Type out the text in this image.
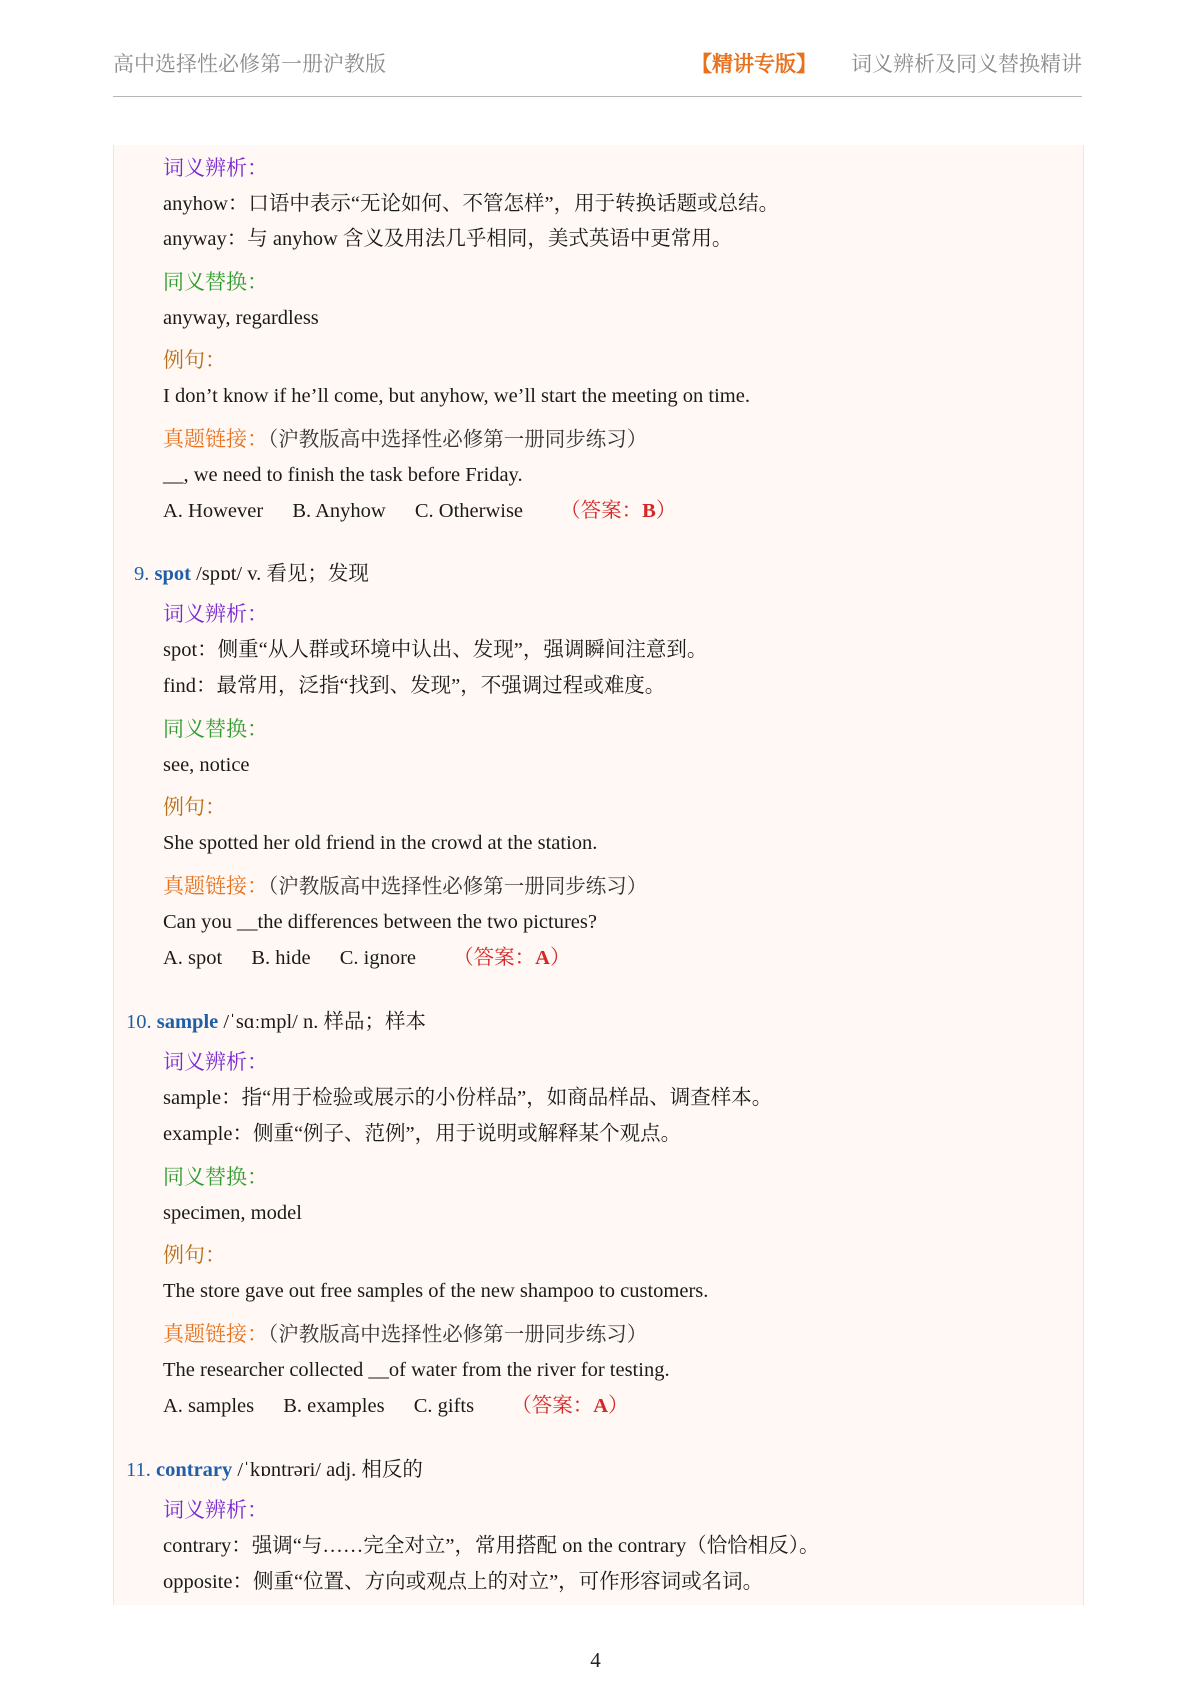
高中选择性必修第一册沪教版	【精讲专版】 词义辨析及同义替换精讲
词义辨析：
anyhow：口语中表示“无论如何、不管怎样”，用于转换话题或总结。
anyway：与 anyhow 含义及用法几乎相同，美式英语中更常用。
同义替换：
anyway, regardless
例句：
I don’t know if he’ll come, but anyhow, we’ll start the meeting on time.
真题链接：（沪教版高中选择性必修第一册同步练习）
__, we need to finish the task before Friday.
A. However B. Anyhow C. Otherwise （答案：B）
9. spot /spɒt/ v. 看见；发现
词义辨析：
spot：侧重“从人群或环境中认出、发现”，强调瞬间注意到。
find：最常用，泛指“找到、发现”，不强调过程或难度。
同义替换：
see, notice
例句：
She spotted her old friend in the crowd at the station.
真题链接：（沪教版高中选择性必修第一册同步练习）
Can you __the differences between the two pictures?
A. spot B. hide C. ignore （答案：A）
10. sample /ˈsɑːmpl/ n. 样品；样本
词义辨析：
sample：指“用于检验或展示的小份样品”，如商品样品、调查样本。
example：侧重“例子、范例”，用于说明或解释某个观点。
同义替换：
specimen, model
例句：
The store gave out free samples of the new shampoo to customers.
真题链接：（沪教版高中选择性必修第一册同步练习）
The researcher collected __of water from the river for testing.
A. samples B. examples C. gifts （答案：A）
11. contrary /ˈkɒntrəri/ adj. 相反的
词义辨析：
contrary：强调“与……完全对立”，常用搭配 on the contrary（恰恰相反）。
opposite：侧重“位置、方向或观点上的对立”，可作形容词或名词。
4
